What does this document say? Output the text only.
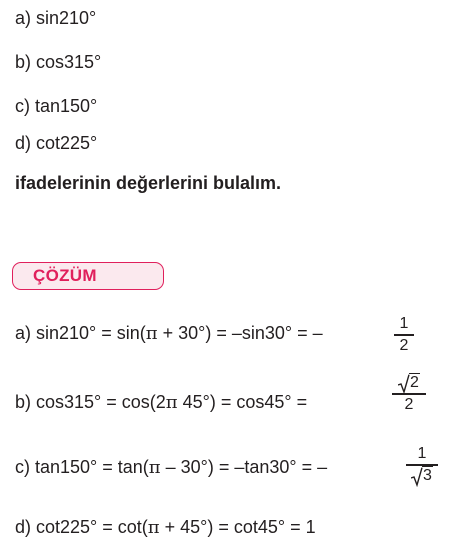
a) sin210°
b) cos315°
c) tan150°
d) cot225°
ifadelerinin değerlerini bulalım.
ÇÖZÜM
a) sin210° = sin(π + 30°) = –sin30° = –	1
2
b) cos315° = cos(2π 45°) = cos45° =
2
2
c) tan150° = tan(π – 30°) = –tan30° = –
1
3
d) cot225° = cot(π + 45°) = cot45° = 1
